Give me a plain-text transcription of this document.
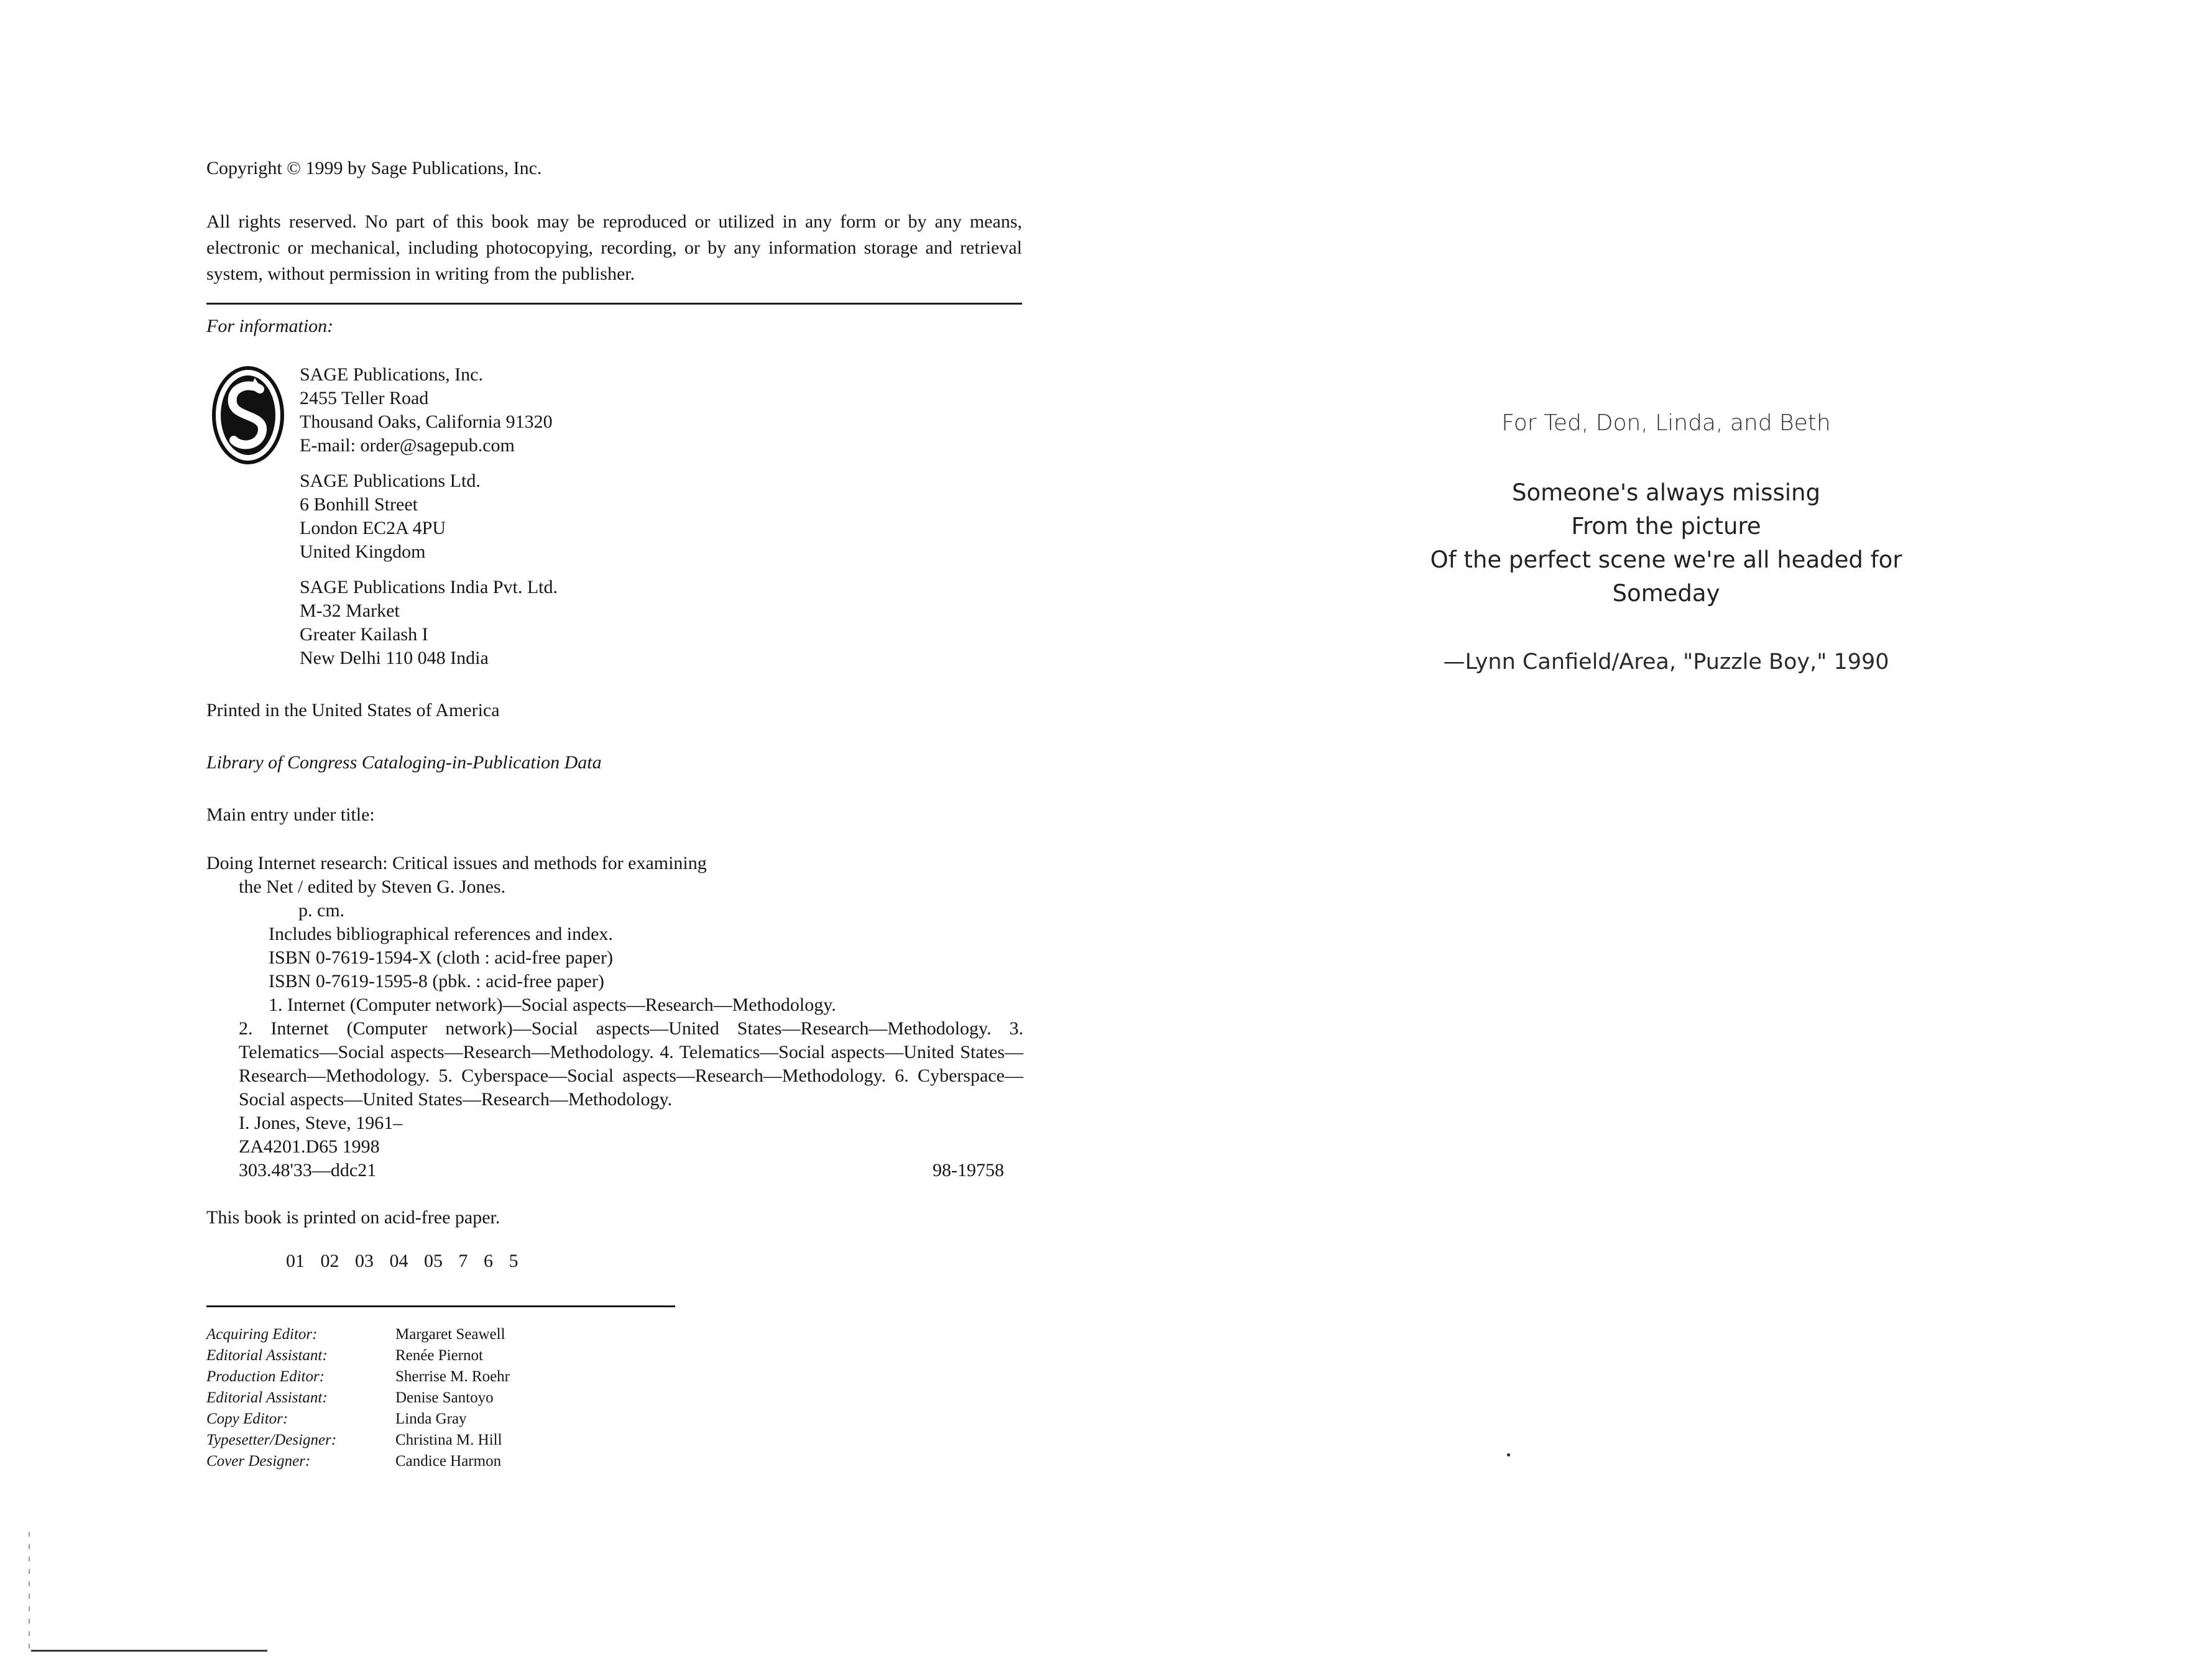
Copyright © 1999 by Sage Publications, Inc.
All rights reserved. No part of this book may be reproduced or utilized in any form or by any means, electronic or mechanical, including photocopying, recording, or by any information storage and retrieval system, without permission in writing from the publisher.
For information:
SAGE Publications, Inc.
2455 Teller Road
Thousand Oaks, California 91320
E-mail: order@sagepub.com
SAGE Publications Ltd.
6 Bonhill Street
London EC2A 4PU
United Kingdom
SAGE Publications India Pvt. Ltd.
M-32 Market
Greater Kailash I
New Delhi 110 048 India
Printed in the United States of America
Library of Congress Cataloging-in-Publication Data
Main entry under title:
Doing Internet research: Critical issues and methods for examining
the Net / edited by Steven G. Jones.
p. cm.
Includes bibliographical references and index.
ISBN 0-7619-1594-X (cloth : acid-free paper)
ISBN 0-7619-1595-8 (pbk. : acid-free paper)
1. Internet (Computer network)—Social aspects—Research—Methodology.
2. Internet (Computer network)—Social aspects—United States—Research—Methodology. 3. Telematics—Social aspects—Research—Methodology. 4. Telematics—Social aspects—United States—Research—Methodology. 5. Cyberspace—Social aspects—Research—Methodology. 6. Cyberspace—Social aspects—United States—Research—Methodology.
I. Jones, Steve, 1961–
ZA4201.D65 1998
303.48'33—ddc21	98-19758
This book is printed on acid-free paper.
01 02 03 04 05 7 6 5
Acquiring Editor:	Margaret Seawell
Editorial Assistant:	Renée Piernot
Production Editor:	Sherrise M. Roehr
Editorial Assistant:	Denise Santoyo
Copy Editor:	Linda Gray
Typesetter/Designer:	Christina M. Hill
Cover Designer:	Candice Harmon
For Ted, Don, Linda, and Beth
Someone's always missing
From the picture
Of the perfect scene we're all headed for
Someday
—Lynn Canfield/Area, "Puzzle Boy," 1990
